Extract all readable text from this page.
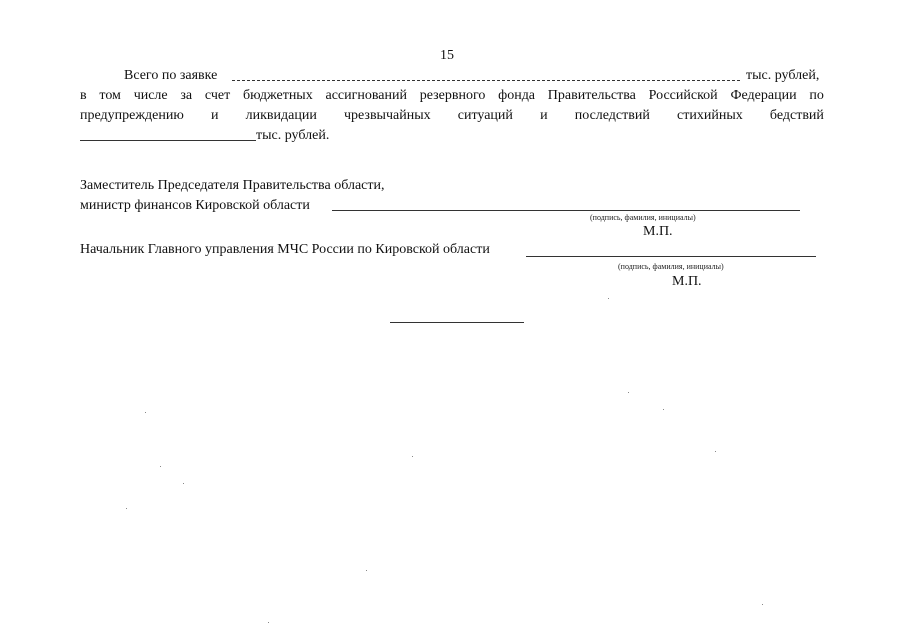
15
Всего по заявке	тыс. рублей,
в том числе за счет бюджетных ассигнований резервного фонда Правительства Российской Федерации по
предупреждению и ликвидации чрезвычайных ситуаций и последствий стихийных бедствий
тыс. рублей.
Заместитель Председателя Правительства области,
министр финансов Кировской области
(подпись, фамилия, инициалы)
М.П.
Начальник Главного управления МЧС России по Кировской области
(подпись, фамилия, инициалы)
М.П.
